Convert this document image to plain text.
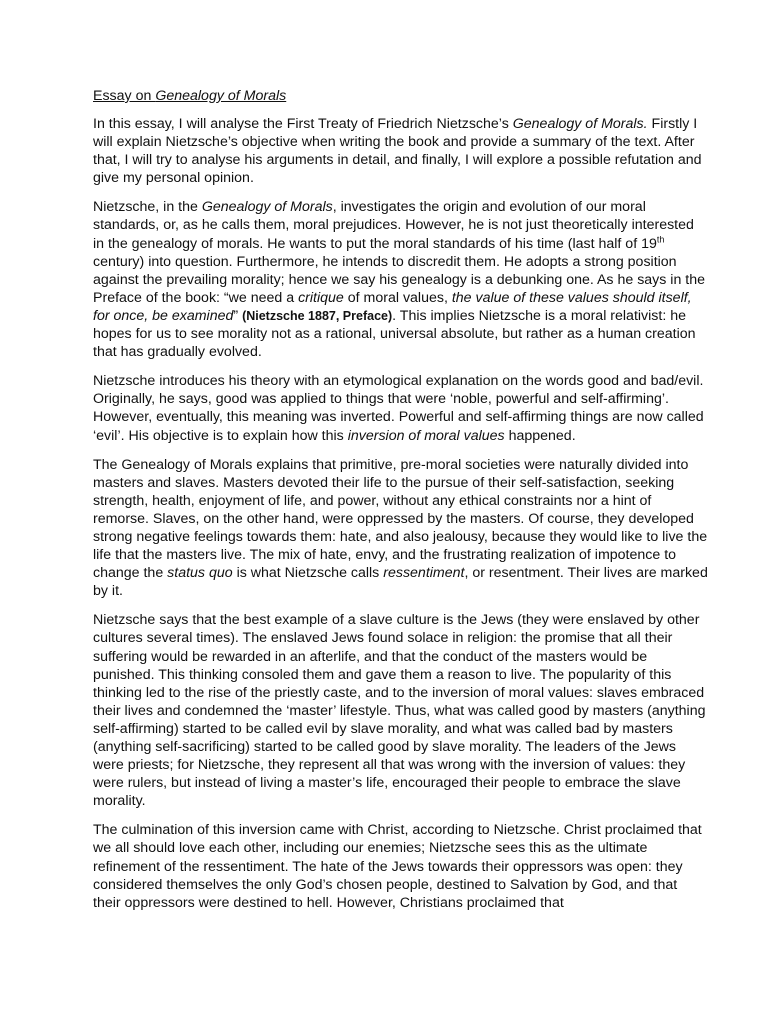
Essay on Genealogy of Morals

In this essay, I will analyse the First Treaty of Friedrich Nietzsche’s Genealogy of Morals. Firstly I will explain Nietzsche’s objective when writing the book and provide a summary of the text. After that, I will try to analyse his arguments in detail, and finally, I will explore a possible refutation and give my personal opinion.

Nietzsche, in the Genealogy of Morals, investigates the origin and evolution of our moral standards, or, as he calls them, moral prejudices. However, he is not just theoretically interested in the genealogy of morals. He wants to put the moral standards of his time (last half of 19th century) into question. Furthermore, he intends to discredit them. He adopts a strong position against the prevailing morality; hence we say his genealogy is a debunking one. As he says in the Preface of the book: “we need a critique of moral values, the value of these values should itself, for once, be examined” (Nietzsche 1887, Preface). This implies Nietzsche is a moral relativist: he hopes for us to see morality not as a rational, universal absolute, but rather as a human creation that has gradually evolved.

Nietzsche introduces his theory with an etymological explanation on the words good and bad/evil. Originally, he says, good was applied to things that were ‘noble, powerful and self-affirming’. However, eventually, this meaning was inverted. Powerful and self-affirming things are now called ‘evil’. His objective is to explain how this inversion of moral values happened.

The Genealogy of Morals explains that primitive, pre-moral societies were naturally divided into masters and slaves. Masters devoted their life to the pursue of their self-satisfaction, seeking strength, health, enjoyment of life, and power, without any ethical constraints nor a hint of remorse. Slaves, on the other hand, were oppressed by the masters. Of course, they developed strong negative feelings towards them: hate, and also jealousy, because they would like to live the life that the masters live. The mix of hate, envy, and the frustrating realization of impotence to change the status quo is what Nietzsche calls ressentiment, or resentment. Their lives are marked by it.

Nietzsche says that the best example of a slave culture is the Jews (they were enslaved by other cultures several times). The enslaved Jews found solace in religion: the promise that all their suffering would be rewarded in an afterlife, and that the conduct of the masters would be punished. This thinking consoled them and gave them a reason to live. The popularity of this thinking led to the rise of the priestly caste, and to the inversion of moral values: slaves embraced their lives and condemned the ‘master’ lifestyle. Thus, what was called good by masters (anything self-affirming) started to be called evil by slave morality, and what was called bad by masters (anything self-sacrificing) started to be called good by slave morality. The leaders of the Jews were priests; for Nietzsche, they represent all that was wrong with the inversion of values: they were rulers, but instead of living a master’s life, encouraged their people to embrace the slave morality.

The culmination of this inversion came with Christ, according to Nietzsche. Christ proclaimed that we all should love each other, including our enemies; Nietzsche sees this as the ultimate refinement of the ressentiment. The hate of the Jews towards their oppressors was open: they considered themselves the only God’s chosen people, destined to Salvation by God, and that their oppressors were destined to hell. However, Christians proclaimed that
